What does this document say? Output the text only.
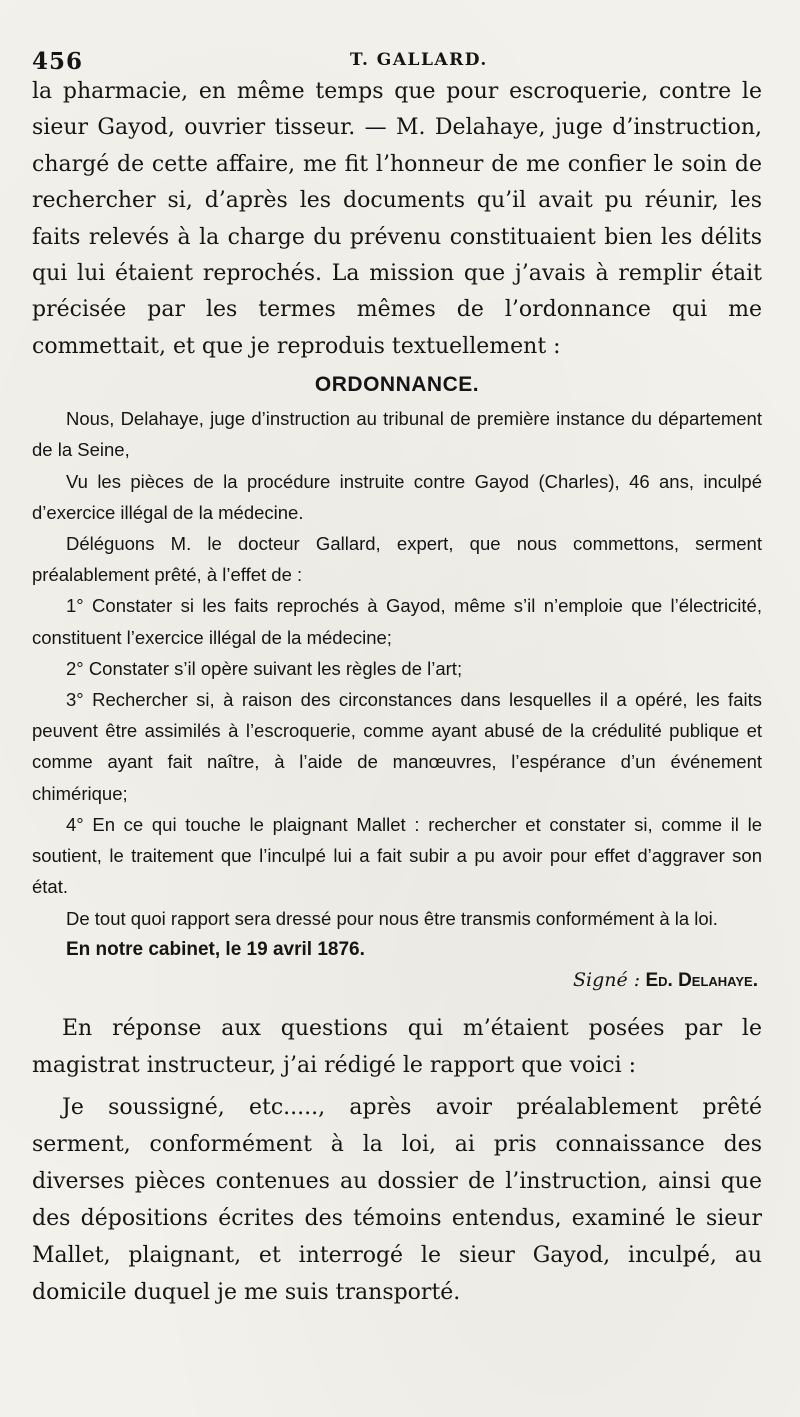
456	T. GALLARD.

la pharmacie, en même temps que pour escroquerie, contre le sieur Gayod, ouvrier tisseur. — M. Delahaye, juge d’instruction, chargé de cette affaire, me fit l’honneur de me confier le soin de rechercher si, d’après les documents qu’il avait pu réunir, les faits relevés à la charge du prévenu constituaient bien les délits qui lui étaient reprochés. La mission que j’avais à remplir était précisée par les termes mêmes de l’ordonnance qui me commettait, et que je reproduis textuellement :

ORDONNANCE.

Nous, Delahaye, juge d’instruction au tribunal de première instance du département de la Seine,

Vu les pièces de la procédure instruite contre Gayod (Charles), 46 ans, inculpé d’exercice illégal de la médecine.

Déléguons M. le docteur Gallard, expert, que nous commettons, serment préalablement prêté, à l’effet de :

1° Constater si les faits reprochés à Gayod, même s’il n’emploie que l’électricité, constituent l’exercice illégal de la médecine;

2° Constater s’il opère suivant les règles de l’art;

3° Rechercher si, à raison des circonstances dans lesquelles il a opéré, les faits peuvent être assimilés à l’escroquerie, comme ayant abusé de la crédulité publique et comme ayant fait naître, à l’aide de manœuvres, l’espérance d’un événement chimérique;

4° En ce qui touche le plaignant Mallet : rechercher et constater si, comme il le soutient, le traitement que l’inculpé lui a fait subir a pu avoir pour effet d’aggraver son état.

De tout quoi rapport sera dressé pour nous être transmis conformément à la loi.

En notre cabinet, le 19 avril 1876.

Signé : Ed. Delahaye.

En réponse aux questions qui m’étaient posées par le magistrat instructeur, j’ai rédigé le rapport que voici :

Je soussigné, etc....., après avoir préalablement prêté serment, conformément à la loi, ai pris connaissance des diverses pièces contenues au dossier de l’instruction, ainsi que des dépositions écrites des témoins entendus, examiné le sieur Mallet, plaignant, et interrogé le sieur Gayod, inculpé, au domicile duquel je me suis transporté.
